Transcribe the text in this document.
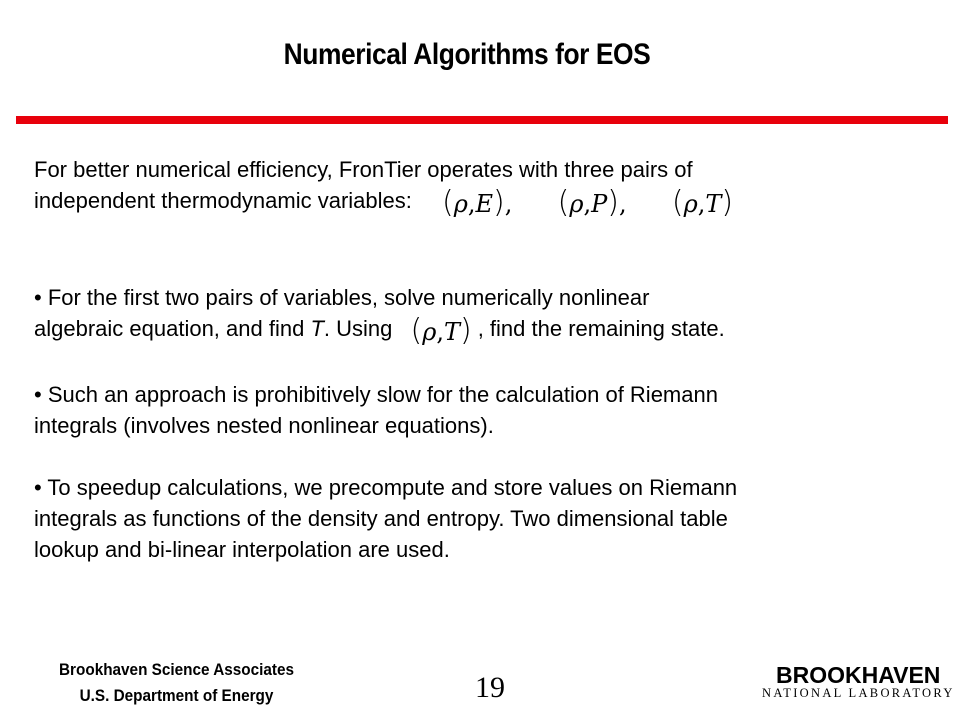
Numerical Algorithms for EOS

For better numerical efficiency, FronTier operates with three pairs of

independent thermodynamic variables: (ρ,E), (ρ,P), (ρ,T)

• For the first two pairs of variables, solve numerically nonlinear

algebraic equation, and find T. Using (ρ,T) , find the remaining state.

• Such an approach is prohibitively slow for the calculation of Riemann

integrals (involves nested nonlinear equations).

• To speedup calculations, we precompute and store values on Riemann

integrals as functions of the density and entropy. Two dimensional table

lookup and bi-linear interpolation are used.

Brookhaven Science Associates
U.S. Department of Energy	19	BROOKHAVEN
NATIONAL LABORATORY
